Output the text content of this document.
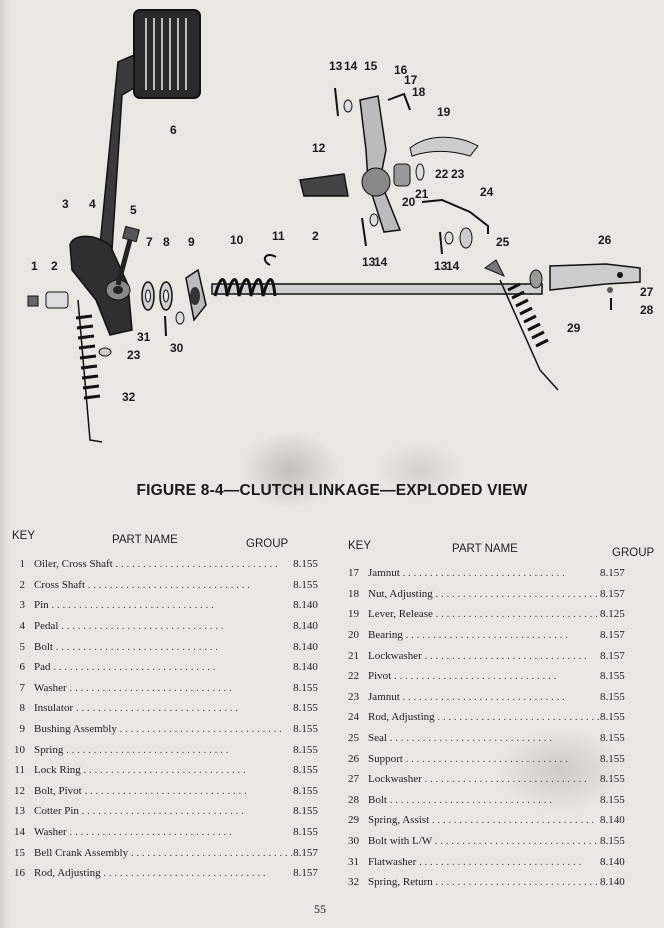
1 2
3 4	5
6
7 8 9	10 11 2
13 14 15 16
17
18
19
12
20
21
22 23
24
13
14	13
14
25	26
27
28
29
31
30
23
32
FIGURE 8-4—CLUTCH LINKAGE—EXPLODED VIEW
KEY	PART NAME	GROUP	KEY	PART NAME	GROUP
1	Oiler, Cross Shaft . . . . . . . . . . . . . . . . . . . . . . . . . . . . . .	8.155
2	Cross Shaft . . . . . . . . . . . . . . . . . . . . . . . . . . . . . .	8.155
3	Pin . . . . . . . . . . . . . . . . . . . . . . . . . . . . . .	8.140
4	Pedal . . . . . . . . . . . . . . . . . . . . . . . . . . . . . .	8.140
5	Bolt . . . . . . . . . . . . . . . . . . . . . . . . . . . . . .	8.140
6	Pad . . . . . . . . . . . . . . . . . . . . . . . . . . . . . .	8.140
7	Washer . . . . . . . . . . . . . . . . . . . . . . . . . . . . . .	8.155
8	Insulator . . . . . . . . . . . . . . . . . . . . . . . . . . . . . .	8.155
9	Bushing Assembly . . . . . . . . . . . . . . . . . . . . . . . . . . . . . .	8.155
10	Spring . . . . . . . . . . . . . . . . . . . . . . . . . . . . . .	8.155
11	Lock Ring . . . . . . . . . . . . . . . . . . . . . . . . . . . . . .	8.155
12	Bolt, Pivot . . . . . . . . . . . . . . . . . . . . . . . . . . . . . .	8.155
13	Cotter Pin . . . . . . . . . . . . . . . . . . . . . . . . . . . . . .	8.155
14	Washer . . . . . . . . . . . . . . . . . . . . . . . . . . . . . .	8.155
15	Bell Crank Assembly . . . . . . . . . . . . . . . . . . . . . . . . . . . . . .	8.157
16	Rod, Adjusting . . . . . . . . . . . . . . . . . . . . . . . . . . . . . .	8.157
17	Jamnut . . . . . . . . . . . . . . . . . . . . . . . . . . . . . .	8.157
18	Nut, Adjusting . . . . . . . . . . . . . . . . . . . . . . . . . . . . . .	8.157
19	Lever, Release . . . . . . . . . . . . . . . . . . . . . . . . . . . . . .	8.125
20	Bearing . . . . . . . . . . . . . . . . . . . . . . . . . . . . . .	8.157
21	Lockwasher . . . . . . . . . . . . . . . . . . . . . . . . . . . . . .	8.157
22	Pivot . . . . . . . . . . . . . . . . . . . . . . . . . . . . . .	8.155
23	Jamnut . . . . . . . . . . . . . . . . . . . . . . . . . . . . . .	8.155
24	Rod, Adjusting . . . . . . . . . . . . . . . . . . . . . . . . . . . . . .	8.155
25	Seal . . . . . . . . . . . . . . . . . . . . . . . . . . . . . .	8.155
26	Support . . . . . . . . . . . . . . . . . . . . . . . . . . . . . .	8.155
27	Lockwasher . . . . . . . . . . . . . . . . . . . . . . . . . . . . . .	8.155
28	Bolt . . . . . . . . . . . . . . . . . . . . . . . . . . . . . .	8.155
29	Spring, Assist . . . . . . . . . . . . . . . . . . . . . . . . . . . . . .	8.140
30	Bolt with L/W . . . . . . . . . . . . . . . . . . . . . . . . . . . . . .	8.155
31	Flatwasher . . . . . . . . . . . . . . . . . . . . . . . . . . . . . .	8.140
32	Spring, Return . . . . . . . . . . . . . . . . . . . . . . . . . . . . . .	8.140
55
